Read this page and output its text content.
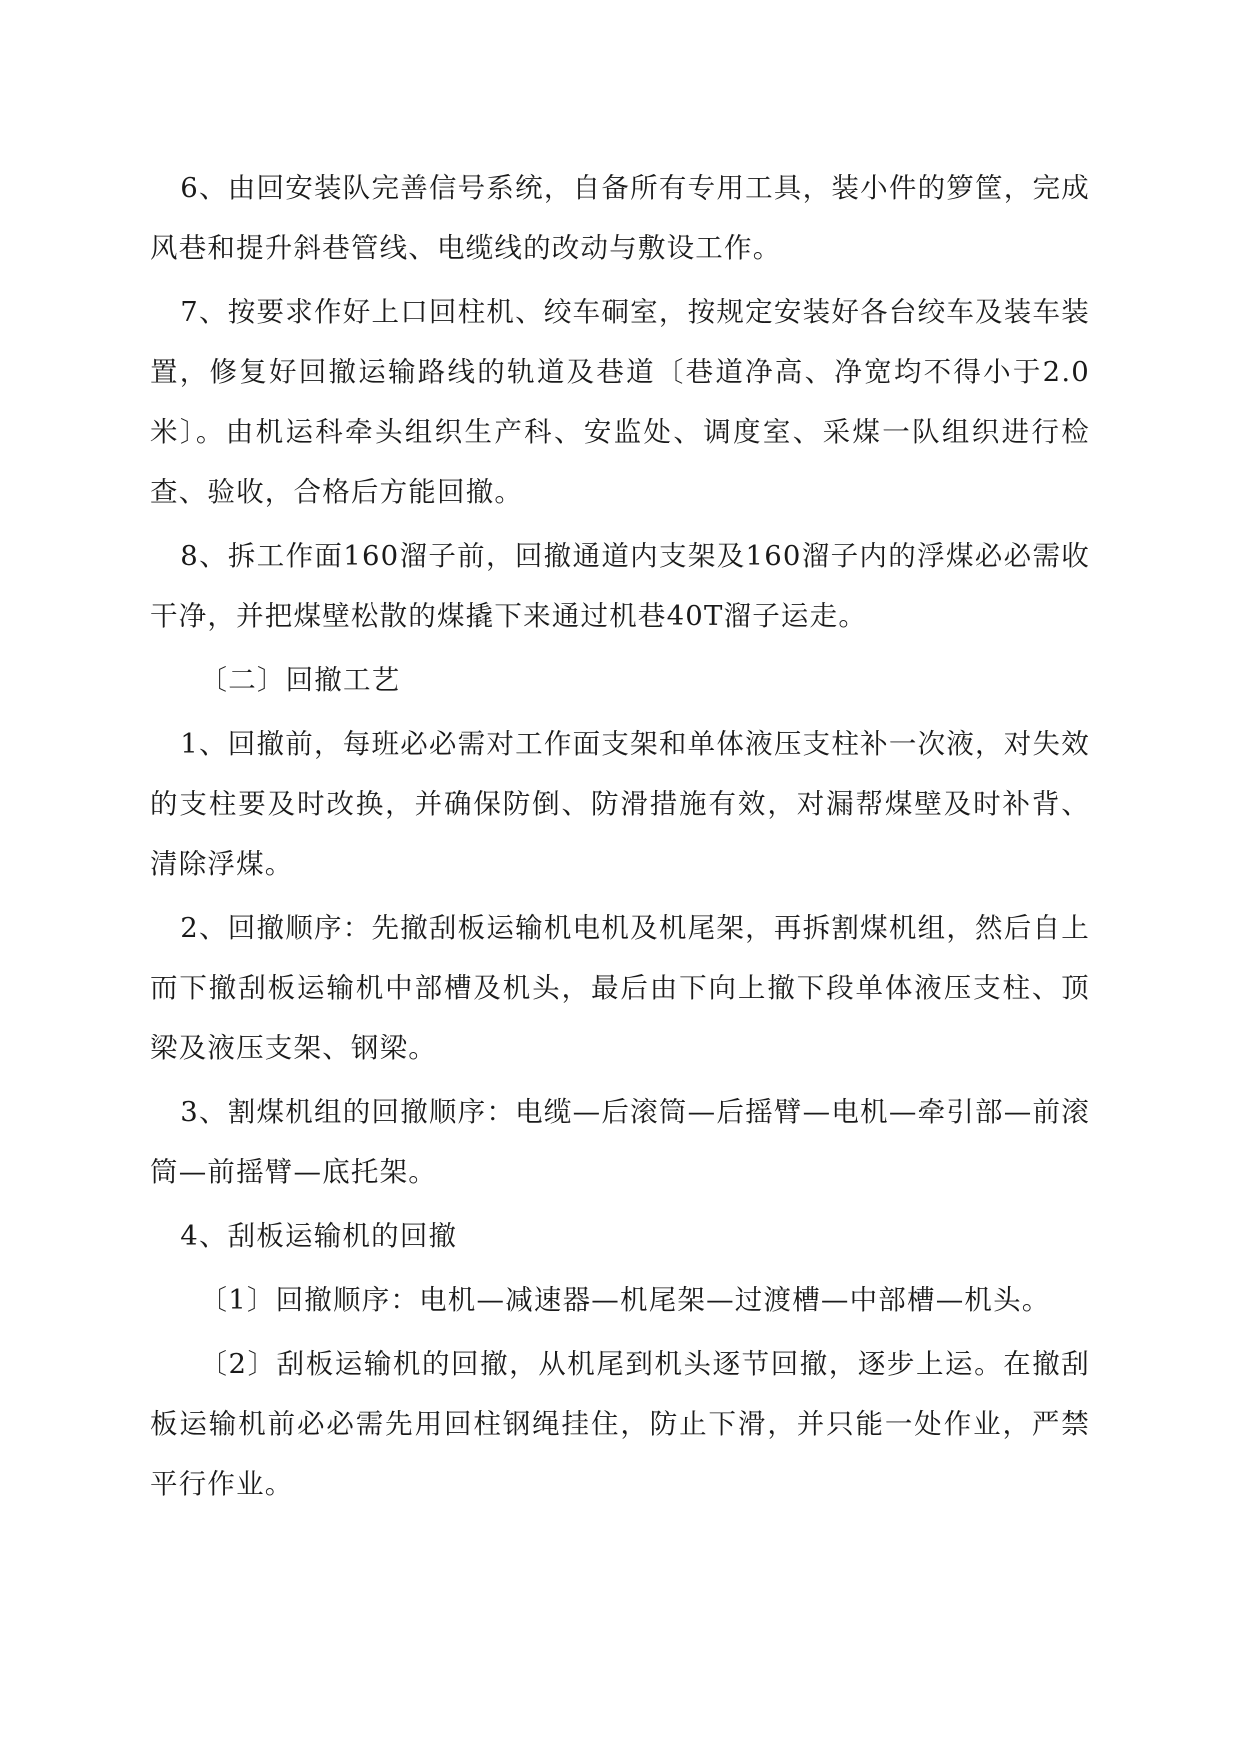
6、由回安装队完善信号系统，自备所有专用工具，装小件的箩筐，完成风巷和提升斜巷管线、电缆线的改动与敷设工作。

7、按要求作好上口回柱机、绞车硐室，按规定安装好各台绞车及装车装置，修复好回撤运输路线的轨道及巷道〔巷道净高、净宽均不得小于2.0米〕。由机运科牵头组织生产科、安监处、调度室、采煤一队组织进行检查、验收，合格后方能回撤。

8、拆工作面160溜子前，回撤通道内支架及160溜子内的浮煤必必需收干净，并把煤壁松散的煤撬下来通过机巷40T溜子运走。

〔二〕回撤工艺

1、回撤前，每班必必需对工作面支架和单体液压支柱补一次液，对失效的支柱要及时改换，并确保防倒、防滑措施有效，对漏帮煤壁及时补背、清除浮煤。

2、回撤顺序：先撤刮板运输机电机及机尾架，再拆割煤机组，然后自上而下撤刮板运输机中部槽及机头，最后由下向上撤下段单体液压支柱、顶梁及液压支架、钢梁。

3、割煤机组的回撤顺序：电缆—后滚筒—后摇臂—电机—牵引部—前滚筒—前摇臂—底托架。

4、刮板运输机的回撤

〔1〕回撤顺序：电机—减速器—机尾架—过渡槽—中部槽—机头。

〔2〕刮板运输机的回撤，从机尾到机头逐节回撤，逐步上运。在撤刮板运输机前必必需先用回柱钢绳挂住，防止下滑，并只能一处作业，严禁平行作业。
